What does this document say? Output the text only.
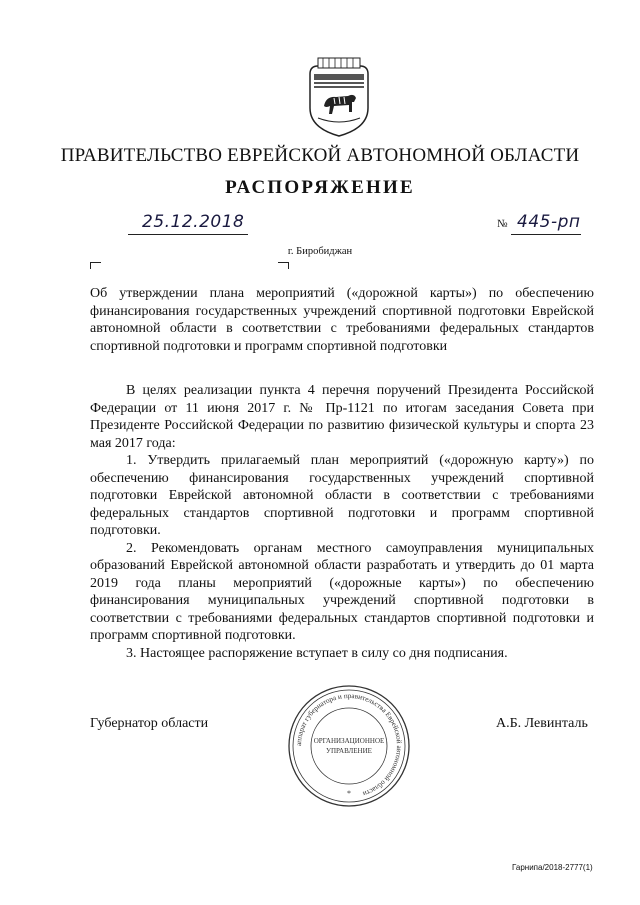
ПРАВИТЕЛЬСТВО ЕВРЕЙСКОЙ АВТОНОМНОЙ ОБЛАСТИ
РАСПОРЯЖЕНИЕ
25.12.2018	№ 445-рп
г. Биробиджан

Об утверждении плана мероприятий («дорожной карты») по обеспечению финансирования государственных учреждений спортивной подготовки Еврейской автономной области в соответствии с требованиями федеральных стандартов спортивной подготовки и программ спортивной подготовки

В целях реализации пункта 4 перечня поручений Президента Российской Федерации от 11 июня 2017 г. № Пр-1121 по итогам заседания Совета при Президенте Российской Федерации по развитию физической культуры и спорта 23 мая 2017 года:

1. Утвердить прилагаемый план мероприятий («дорожную карту») по обеспечению финансирования государственных учреждений спортивной подготовки Еврейской автономной области в соответствии с требованиями федеральных стандартов спортивной подготовки и программ спортивной подготовки.

2. Рекомендовать органам местного самоуправления муниципальных образований Еврейской автономной области разработать и утвердить до 01 марта 2019 года планы мероприятий («дорожные карты») по обеспечению финансирования муниципальных учреждений спортивной подготовки в соответствии с требованиями федеральных стандартов спортивной подготовки и программ спортивной подготовки.

3. Настоящее распоряжение вступает в силу со дня подписания.

Губернатор области	А.Б. Левинталь
аппарат губернатора и правительства Еврейской автономной области
ОРГАНИЗАЦИОННОЕ
УПРАВЛЕНИЕ
*
Гарнипа/2018-2777(1)
